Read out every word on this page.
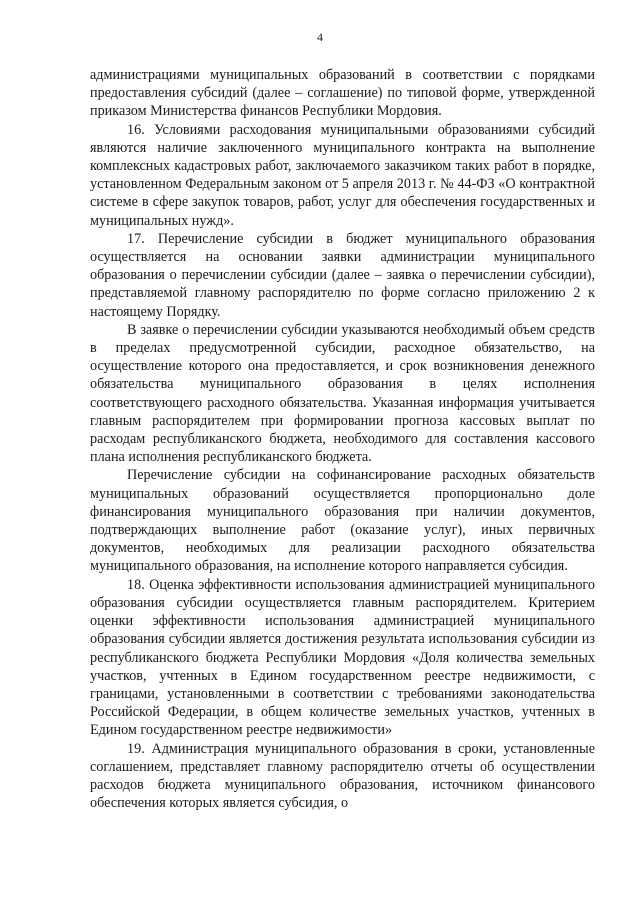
4

администрациями муниципальных образований в соответствии с порядками предоставления субсидий (далее – соглашение) по типовой форме, утвержденной приказом Министерства финансов Республики Мордовия.

16. Условиями расходования муниципальными образованиями субсидий являются наличие заключенного муниципального контракта на выполнение комплексных кадастровых работ, заключаемого заказчиком таких работ в порядке, установленном Федеральным законом от 5 апреля 2013 г. № 44-ФЗ «О контрактной системе в сфере закупок товаров, работ, услуг для обеспечения государственных и муниципальных нужд».

17. Перечисление субсидии в бюджет муниципального образования осуществляется на основании заявки администрации муниципального образования о перечислении субсидии (далее – заявка о перечислении субсидии), представляемой главному распорядителю по форме согласно приложению 2 к настоящему Порядку.

В заявке о перечислении субсидии указываются необходимый объем средств в пределах предусмотренной субсидии, расходное обязательство, на осуществление которого она предоставляется, и срок возникновения денежного обязательства муниципального образования в целях исполнения соответствующего расходного обязательства. Указанная информация учитывается главным распорядителем при формировании прогноза кассовых выплат по расходам республиканского бюджета, необходимого для составления кассового плана исполнения республиканского бюджета.

Перечисление субсидии на софинансирование расходных обязательств муниципальных образований осуществляется пропорционально доле финансирования муниципального образования при наличии документов, подтверждающих выполнение работ (оказание услуг), иных первичных документов, необходимых для реализации расходного обязательства муниципального образования, на исполнение которого направляется субсидия.

18. Оценка эффективности использования администрацией муниципального образования субсидии осуществляется главным распорядителем. Критерием оценки эффективности использования администрацией муниципального образования субсидии является достижения результата использования субсидии из республиканского бюджета Республики Мордовия «Доля количества земельных участков, учтенных в Едином государственном реестре недвижимости, с границами, установленными в соответствии с требованиями законодательства Российской Федерации, в общем количестве земельных участков, учтенных в Едином государственном реестре недвижимости»

19. Администрация муниципального образования в сроки, установленные соглашением, представляет главному распорядителю отчеты об осуществлении расходов бюджета муниципального образования, источником финансового обеспечения которых является субсидия, о
